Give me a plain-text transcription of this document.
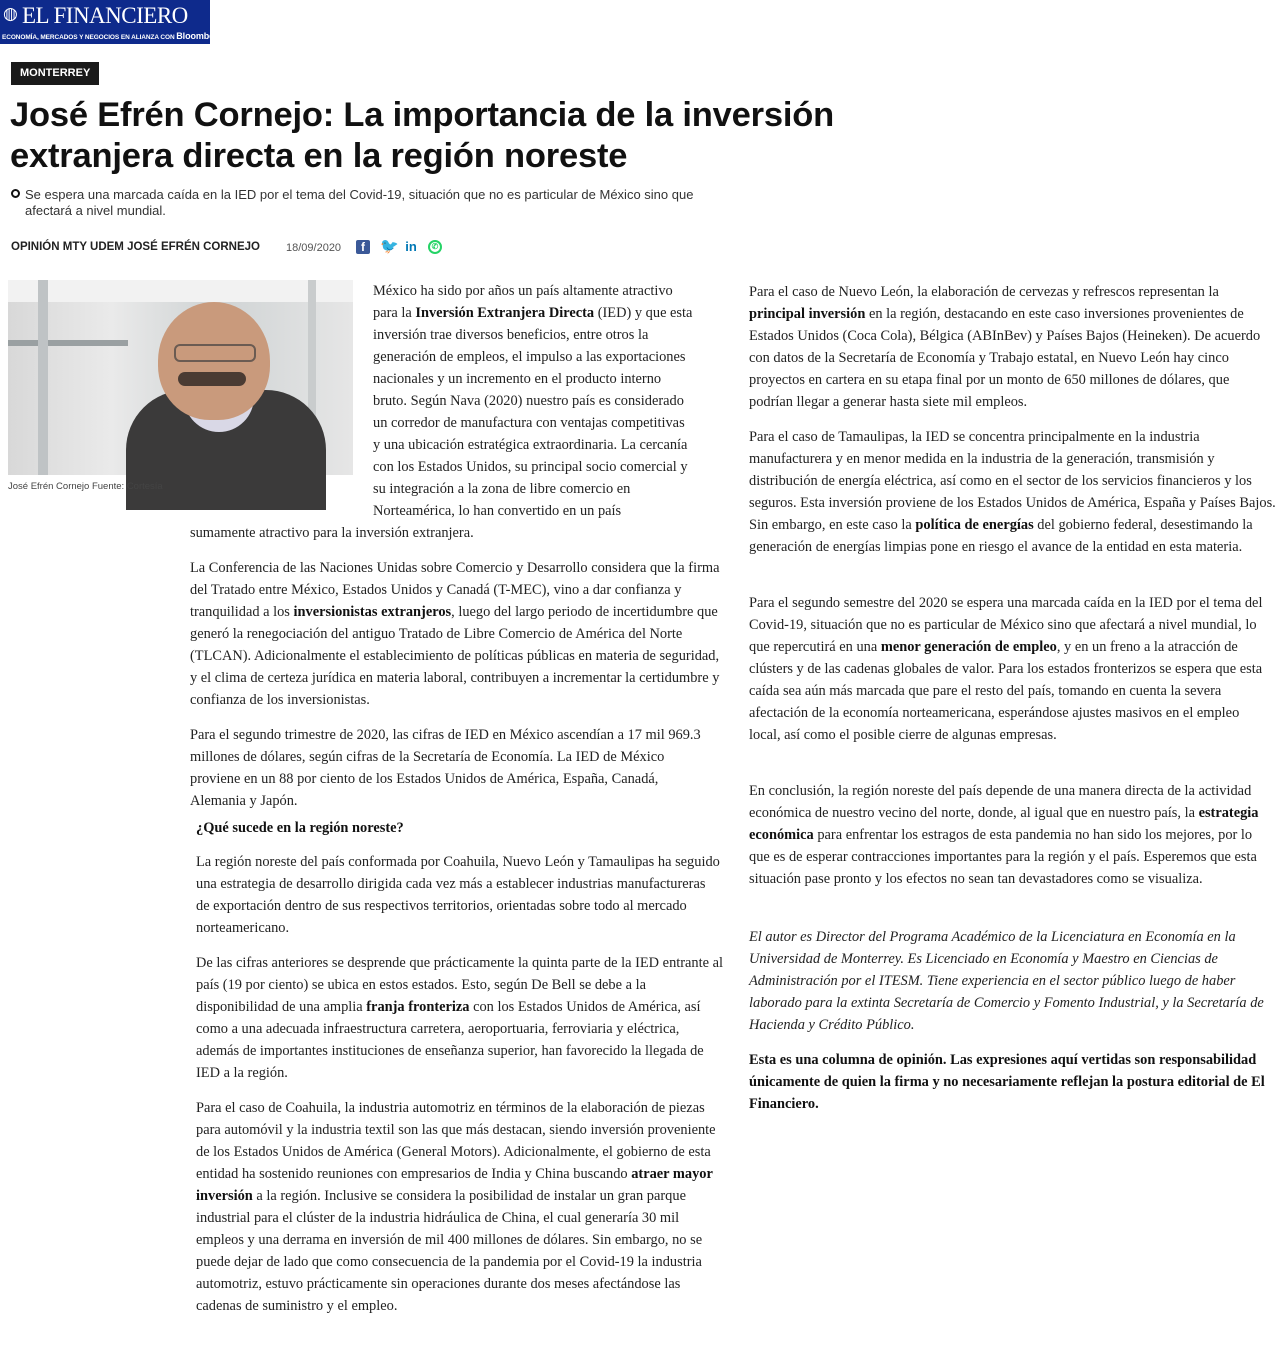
◍ EL FINANCIERO
ECONOMÍA, MERCADOS Y NEGOCIOS EN ALIANZA CON Bloomberg
MONTERREY
José Efrén Cornejo: La importancia de la inversión extranjera directa en la región noreste
Se espera una marcada caída en la IED por el tema del Covid-19, situación que no es particular de México sino que afectará a nivel mundial.
OPINIÓN MTY UDEM JOSÉ EFRÉN CORNEJO 18/09/2020	f	🐦 in	✆
José Efrén Cornejo Fuente: Cortesía

México ha sido por años un país altamente atractivo
para la Inversión Extranjera Directa (IED) y que esta
inversión trae diversos beneficios, entre otros la
generación de empleos, el impulso a las exportaciones
nacionales y un incremento en el producto interno
bruto. Según Nava (2020) nuestro país es considerado
un corredor de manufactura con ventajas competitivas
y una ubicación estratégica extraordinaria. La cercanía
con los Estados Unidos, su principal socio comercial y
su integración a la zona de libre comercio en
Norteamérica, lo han convertido en un país

sumamente atractivo para la inversión extranjera.

La Conferencia de las Naciones Unidas sobre Comercio y Desarrollo considera que la firma del Tratado entre México, Estados Unidos y Canadá (T-MEC), vino a dar confianza y tranquilidad a los inversionistas extranjeros, luego del largo periodo de incertidumbre que generó la renegociación del antiguo Tratado de Libre Comercio de América del Norte (TLCAN). Adicionalmente el establecimiento de políticas públicas en materia de seguridad, y el clima de certeza jurídica en materia laboral, contribuyen a incrementar la certidumbre y confianza de los inversionistas.

Para el segundo trimestre de 2020, las cifras de IED en México ascendían a 17 mil 969.3 millones de dólares, según cifras de la Secretaría de Economía. La IED de México proviene en un 88 por ciento de los Estados Unidos de América, España, Canadá, Alemania y Japón.

¿Qué sucede en la región noreste?

La región noreste del país conformada por Coahuila, Nuevo León y Tamaulipas ha seguido una estrategia de desarrollo dirigida cada vez más a establecer industrias manufactureras de exportación dentro de sus respectivos territorios, orientadas sobre todo al mercado norteamericano.

De las cifras anteriores se desprende que prácticamente la quinta parte de la IED entrante al país (19 por ciento) se ubica en estos estados. Esto, según De Bell se debe a la disponibilidad de una amplia franja fronteriza con los Estados Unidos de América, así como a una adecuada infraestructura carretera, aeroportuaria, ferroviaria y eléctrica, además de importantes instituciones de enseñanza superior, han favorecido la llegada de IED a la región.

Para el caso de Coahuila, la industria automotriz en términos de la elaboración de piezas para automóvil y la industria textil son las que más destacan, siendo inversión proveniente de los Estados Unidos de América (General Motors). Adicionalmente, el gobierno de esta entidad ha sostenido reuniones con empresarios de India y China buscando atraer mayor inversión a la región. Inclusive se considera la posibilidad de instalar un gran parque industrial para el clúster de la industria hidráulica de China, el cual generaría 30 mil empleos y una derrama en inversión de mil 400 millones de dólares. Sin embargo, no se puede dejar de lado que como consecuencia de la pandemia por el Covid-19 la industria automotriz, estuvo prácticamente sin operaciones durante dos meses afectándose las cadenas de suministro y el empleo.

Para el caso de Nuevo León, la elaboración de cervezas y refrescos representan la principal inversión en la región, destacando en este caso inversiones provenientes de Estados Unidos (Coca Cola), Bélgica (ABInBev) y Países Bajos (Heineken). De acuerdo con datos de la Secretaría de Economía y Trabajo estatal, en Nuevo León hay cinco proyectos en cartera en su etapa final por un monto de 650 millones de dólares, que podrían llegar a generar hasta siete mil empleos.

Para el caso de Tamaulipas, la IED se concentra principalmente en la industria manufacturera y en menor medida en la industria de la generación, transmisión y distribución de energía eléctrica, así como en el sector de los servicios financieros y los seguros. Esta inversión proviene de los Estados Unidos de América, España y Países Bajos. Sin embargo, en este caso la política de energías del gobierno federal, desestimando la generación de energías limpias pone en riesgo el avance de la entidad en esta materia.

Para el segundo semestre del 2020 se espera una marcada caída en la IED por el tema del Covid-19, situación que no es particular de México sino que afectará a nivel mundial, lo que repercutirá en una menor generación de empleo, y en un freno a la atracción de clústers y de las cadenas globales de valor. Para los estados fronterizos se espera que esta caída sea aún más marcada que pare el resto del país, tomando en cuenta la severa afectación de la economía norteamericana, esperándose ajustes masivos en el empleo local, así como el posible cierre de algunas empresas.

En conclusión, la región noreste del país depende de una manera directa de la actividad económica de nuestro vecino del norte, donde, al igual que en nuestro país, la estrategia económica para enfrentar los estragos de esta pandemia no han sido los mejores, por lo que es de esperar contracciones importantes para la región y el país. Esperemos que esta situación pase pronto y los efectos no sean tan devastadores como se visualiza.

El autor es Director del Programa Académico de la Licenciatura en Economía en la Universidad de Monterrey. Es Licenciado en Economía y Maestro en Ciencias de Administración por el ITESM. Tiene experiencia en el sector público luego de haber laborado para la extinta Secretaría de Comercio y Fomento Industrial, y la Secretaría de Hacienda y Crédito Público.

Esta es una columna de opinión. Las expresiones aquí vertidas son responsabilidad únicamente de quien la firma y no necesariamente reflejan la postura editorial de El Financiero.
